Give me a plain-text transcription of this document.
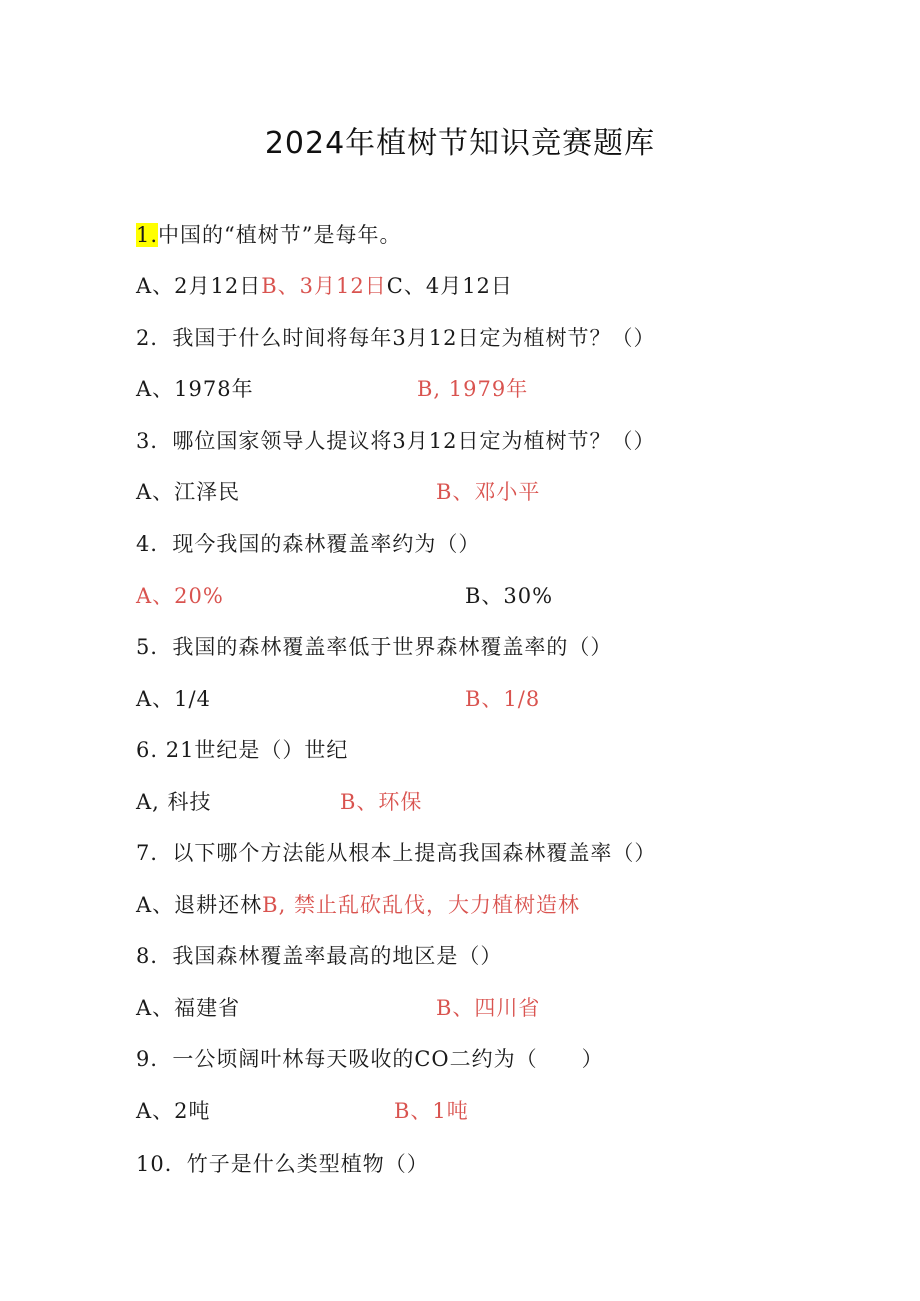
2024年植树节知识竞赛题库
1.中国的“植树节”是每年。
A、2月12日B、3月12日C、4月12日
2．我国于什么时间将每年3月12日定为植树节？（）
A、1978年	B, 1979年
3．哪位国家领导人提议将3月12日定为植树节？（）
A、江泽民	B、邓小平
4．现今我国的森林覆盖率约为（）
A、20%	B、30%
5．我国的森林覆盖率低于世界森林覆盖率的（）
A、1/4	B、1/8
6. 21世纪是（）世纪
A, 科技	B、环保
7．以下哪个方法能从根本上提高我国森林覆盖率（）
A、退耕还林B, 禁止乱砍乱伐，大力植树造林
8．我国森林覆盖率最高的地区是（）
A、福建省	B、四川省
9．一公顷阔叶林每天吸收的CO二约为（　　）
A、2吨	B、1吨
10．竹子是什么类型植物（）
